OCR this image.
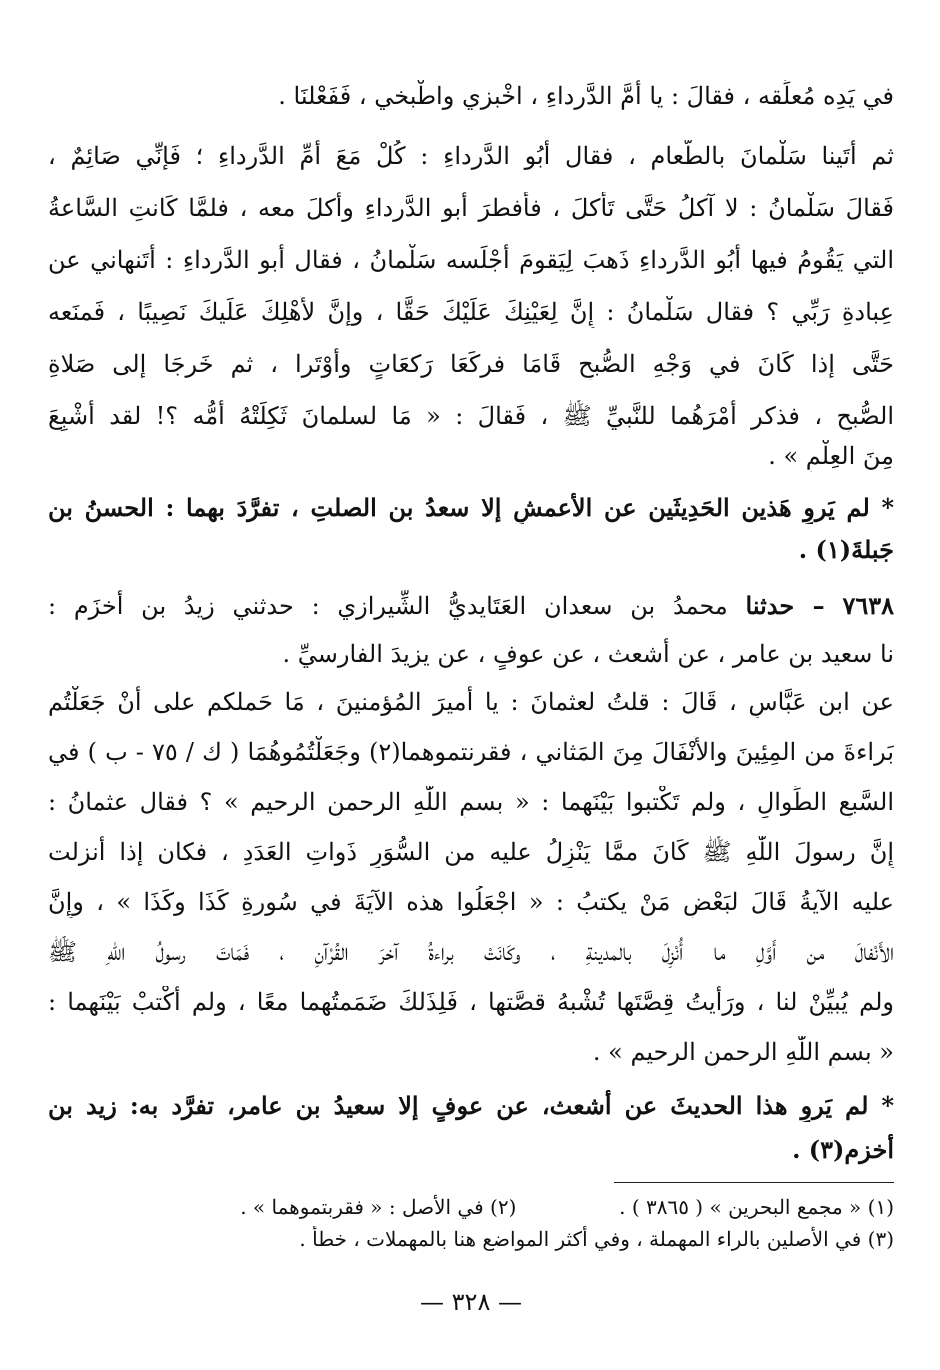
في يَدِه مُعلِّقه ، فقالَ : يا أُمَّ الدَّرداءِ ، اخْبزي واطْبخي ، فَفَعْلنَا .
ثم أَتَينا سَلْمانَ بالطَّعام ، فقال أَبُو الدَّرداءِ : كُلْ مَعَ أُمِّ الدَّرداءِ ؛ فَإنِّي صَائِمٌ ،
فَقالَ سَلْمانُ : لا آكلُ حَتَّى تَأْكلَ ، فأَفطرَ أبو الدَّرداءِ وأَكلَ معه ، فلمَّا كَانتِ السَّاعةُ
التي يَقُومُ فيها أَبُو الدَّرداءِ ذَهبَ لِيَقومَ أَجْلَسه سَلْمانُ ، فقال أبو الدَّرداءِ : أَتَنهاني عن
عِبادةِ رَبِّي ؟ فقال سَلْمانُ : إِنَّ لِعَيْنِكَ عَلَيْكَ حَقًّا ، وإنَّ لأَهْلِكَ عَلَيكَ نَصِيبًا ، فَمنَعه
حَتَّى إذا كَانَ في وَجْهِ الصُّبحِ قَامَا فركَعَا رَكعَاتٍ وأَوْتَرا ، ثم خَرجَا إلى صَلاةِ
الصُّبحِ ، فذكر أَمْرَهُما للنَّبيِّ ﷺ ، فَقالَ : « مَا لسلمانَ ثَكِلَتْهُ أُمُّه ؟! لقد أُشْبِعَ
مِنَ العِلْمِ » .
* لم يَروِ هَذين الحَدِيثَين عن الأعمشِ إلا سعدُ بن الصلتِ ، تفرَّدَ بهما : الحسنُ بن
جَبلةَ(١) .
٧٦٣٨ – حدثنا محمدُ بن سعدان العَتَايديُّ الشِّيرازي : حدثني زيدُ بن أخزَم :
نا سعيد بن عامر ، عن أشعث ، عن عوفٍ ، عن يزيدَ الفارسيِّ .
عن ابن عَبَّاسٍ ، قَالَ : قلتُ لعثمانَ : يا أَميرَ المُؤمنينَ ، مَا حَملكم على أَنْ جَعَلْتُم
بَراءةَ من المِئِينَ والأَنْفَالَ مِنَ المَثاني ، فقرنتموهما(٢) وجَعَلْتُمُوهُمَا ( ك / ٧٥ - ب ) في
السَّبعِ الطِّوالِ ، ولم تَكْتبوا بَيْنَهما : « بسمِ اللّٰهِ الرحمنِ الرحيم » ؟ فقال عثمانُ :
إِنَّ رسولَ اللّٰهِ ﷺ كَانَ ممَّا يَنْزِلُ عليه من السُّوَرِ ذَواتِ العَدَدِ ، فكان إذا أُنزلت
عليه الآيةُ قَالَ لبَعْضِ مَنْ يكتبُ : « اجْعَلُوا هذه الآيَةَ في سُورةِ كَذَا وكَذَا » ، وإِنَّ
الأَنْفالَ من أَوَّلِ ما أُنْزِلَ بالمدينةِ ، وكَانَتْ براءةُ آخرَ القُرْآنِ ، فَمَاتَ رسولُ اللّٰهِ ﷺ
ولم يُبيِّنْ لنا ، ورَأَيتُ قِصَّتَها تُشْبهُ قصَّتها ، فَلِذَلكَ ضَمَمتُهما معًا ، ولم أَكْتبْ بَيْنَهما :
« بسمِ اللّٰهِ الرحمنِ الرحيم » .
* لم يَروِ هذا الحديثَ عن أشعث، عن عوفٍ إلا سعيدُ بن عامر، تفرَّد به: زيد بن
أخزم(٣) .
(١) « مجمع البحرين » ( ٣٨٦٥ ) .  (٢) في الأصل : « فقربتموهما » .
(٣) في الأصلين بالراء المهملة ، وفي أكثر المواضع هنا بالمهملات ، خطأ .
— ٣٢٨ —
